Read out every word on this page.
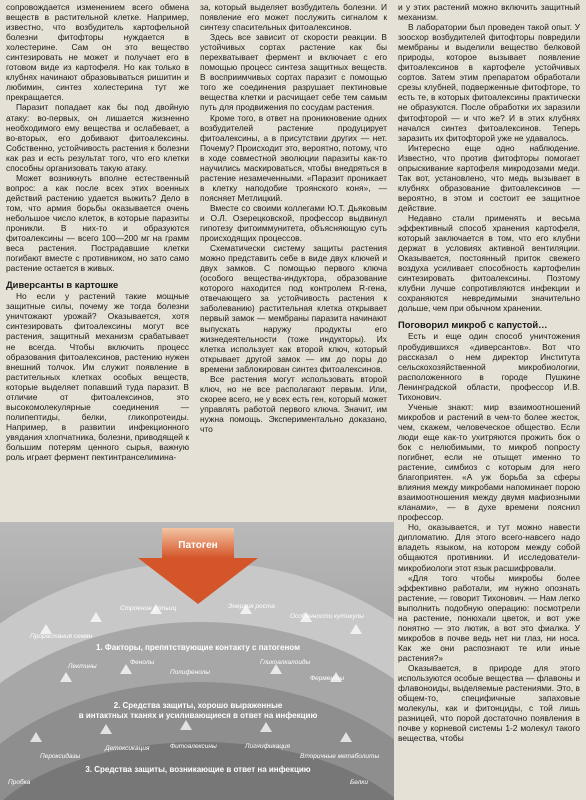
сопровождается изменением всего обмена веществ в растительной клетке. Например, известно, что возбудитель картофельной болезни фитофторы нуждается в холестерине. Сам он это вещество синтезировать не может и получает его в готовом виде из картофеля. Но как только в клубнях начинают образовываться ришитин и любимин, синтез холестерина тут же прекращается.

Паразит попадает как бы под двойную атаку: во-первых, он лишается жизненно необходимого ему вещества и ослабевает, а во-вторых, его добивают фитоалексины. Собственно, устойчивость растения к болезни как раз и есть результат того, что его клетки способны организовать такую атаку.

Может возникнуть вполне естественный вопрос: а как после всех этих военных действий растению удается выжить? Дело в том, что армия борьбы оказывается очень небольшое число клеток, в которые паразиты проникли. В них-то и образуются фитоалексины — всего 100—200 мг на грамм веса растения. Пострадавшие клетки погибают вместе с противником, но зато само растение остается в живых.

Диверсанты в картошке

Но если у растений такие мощные защитные силы, почему же тогда болезни уничтожают урожай? Оказывается, хотя синтезировать фитоалексины могут все растения, защитный механизм срабатывает не всегда. Чтобы включить процесс образования фитоалексинов, растению нужен внешний толчок. Им служит появление в растительных клетках особых веществ, которые выделяет попавший туда паразит. В отличие от фитоалексинов, это высокомолекулярные соединения — полипептиды, белки, гликопротеиды. Например, в развитии инфекционного увядания хлопчатника, болезни, приводящей к большим потерям ценного сырья, важную роль играет фермент пектинтранселимина-

за, который выделяет возбудитель болезни. И появление его может послужить сигналом к синтезу спасительных фитоалексинов.

Здесь все зависит от скорости реакции. В устойчивых сортах растение как бы перехватывает фермент и включает с его помощью процесс синтеза защитных веществ. В восприимчивых сортах паразит с помощью того же соединения разрушает пектиновые вещества клетки и расчищает себе тем самым путь для продвижения по сосудам растения.

Кроме того, в ответ на проникновение одних возбудителей растение продуцирует фитоалексины, а в присутствии других — нет. Почему? Происходит это, вероятно, потому, что в ходе совместной эволюции паразиты как-то научились маскироваться, чтобы внедряться в растение незамеченными. «Паразит проникает в клетку наподобие троянского коня», — поясняет Метлицкий.

Вместе со своими коллегами Ю.Т. Дьяковым и О.Л. Озерецковской, профессор выдвинул гипотезу фитоиммунитета, объясняющую суть происходящих процессов.

Схематически систему защиты растения можно представить себе в виде двух ключей и двух замков. С помощью первого ключа (особого вещества-индуктора, образование которого находится под контролем R-гена, отвечающего за устойчивость растения к заболеванию) растительная клетка открывает первый замок — мембраны паразита начинают выпускать наружу продукты его жизнедеятельности (тоже индукторы). Их клетка использует как второй ключ, который открывает другой замок — им до поры до времени заблокирован синтез фитоалексинов.

Все растения могут использовать второй ключ, но не все располагают первым. Или, скорее всего, не у всех есть ген, который может управлять работой первого ключа. Значит, им нужна помощь. Экспериментально доказано, что

и у этих растений можно включить защитный механизм.

В лаборатории был проведен такой опыт. У зоосхор возбудителей фитофторы повредили мембраны и выделили вещество белковой природы, которое вызывает появление фитоалексинов в картофеле устойчивых сортов. Затем этим препаратом обработали срезы клубней, подверженные фитофторе, то есть те, в которых фитоалексины практически не образуются. После обработки их заразили фитофторой — и что же? И в этих клубнях начался синтез фитоалексинов. Теперь заразить их фитофторой уже не удавалось.

Интересно еще одно наблюдение. Известно, что против фитофторы помогает опрыскивание картофеля микродозами меди. Так вот, установлено, что медь вызывает в клубнях образование фитоалексинов — вероятно, в этом и состоит ее защитное действие.

Недавно стали применять и весьма эффективный способ хранения картофеля, который заключается в том, что его клубни держат в условиях активной вентиляции. Оказывается, постоянный приток свежего воздуха усиливает способность картофелин синтезировать фитоалексины. Поэтому клубни лучше сопротивляются инфекции и сохраняются неврeдимыми значительно дольше, чем при обычном хранении.

Поговорил микроб с капустой…

Есть и еще один способ уничтожения пробудившихся «диверсантов». Вот что рассказал о нем директор Института сельскохозяйственной микробиологии, расположенного в городе Пушкине Ленинградской области, профессор И.В. Тихонович.

Ученые знают: мир взаимоотношений микробов и растений в чем-то более жесток, чем, скажем, человеческое общество. Если люди еще как-то ухитряются прожить бок о бок с нелюбимыми, то микроб попросту погибнет, если не отыщет именно то растение, симбиоз с которым для него благоприятен. «А уж борьба за сферы влияния между микробами напоминает порою взаимоотношения между двумя мафиозными кланами», — в духе времени пояснил профессор.

Но, оказывается, и тут можно навести дипломатию. Для этого всего-навсего надо владеть языком, на котором между собой общаются противники. И исследователи-микробиологи этот язык расшифровали.

«Для того чтобы микробы более эффективно работали, им нужно опознать растение, — говорит Тихонович. — Нам легко выполнить подобную операцию: посмотрели на растение, понюхали цветок, и вот уже понятно — это лютик, а вот это фиалка. У микробов в почве ведь нет ни глаз, ни носа. Как же они распознают те или иные растения?»

Оказывается, в природе для этого используются особые вещества — флавоны и флавоноиды, выделяемые растениями. Это, в общем-то, специфичные запаховые молекулы, как и фитонциды, с той лишь разницей, что порой достаточно появления в почве у корневой системы 1-2 молекул такого вещества, чтобы

Патоген
Строение устьиц	Энергия роста
Особенности кутикулы
Прорастания семян
Лектины
Фенолы
Полифенолы
Гликоалкалоиды
Ферменты
Пероксидазы
Детоксикация	Фитоалексины	Лигнификация
Вторичные метаболиты
Пробка	Белки
1. Факторы, препятствующие контакту с патогеном
2. Средства защиты, хорошо выраженные
в интактных тканях и усиливающиеся в ответ на инфекцию
3. Средства защиты, возникающие в ответ на инфекцию
